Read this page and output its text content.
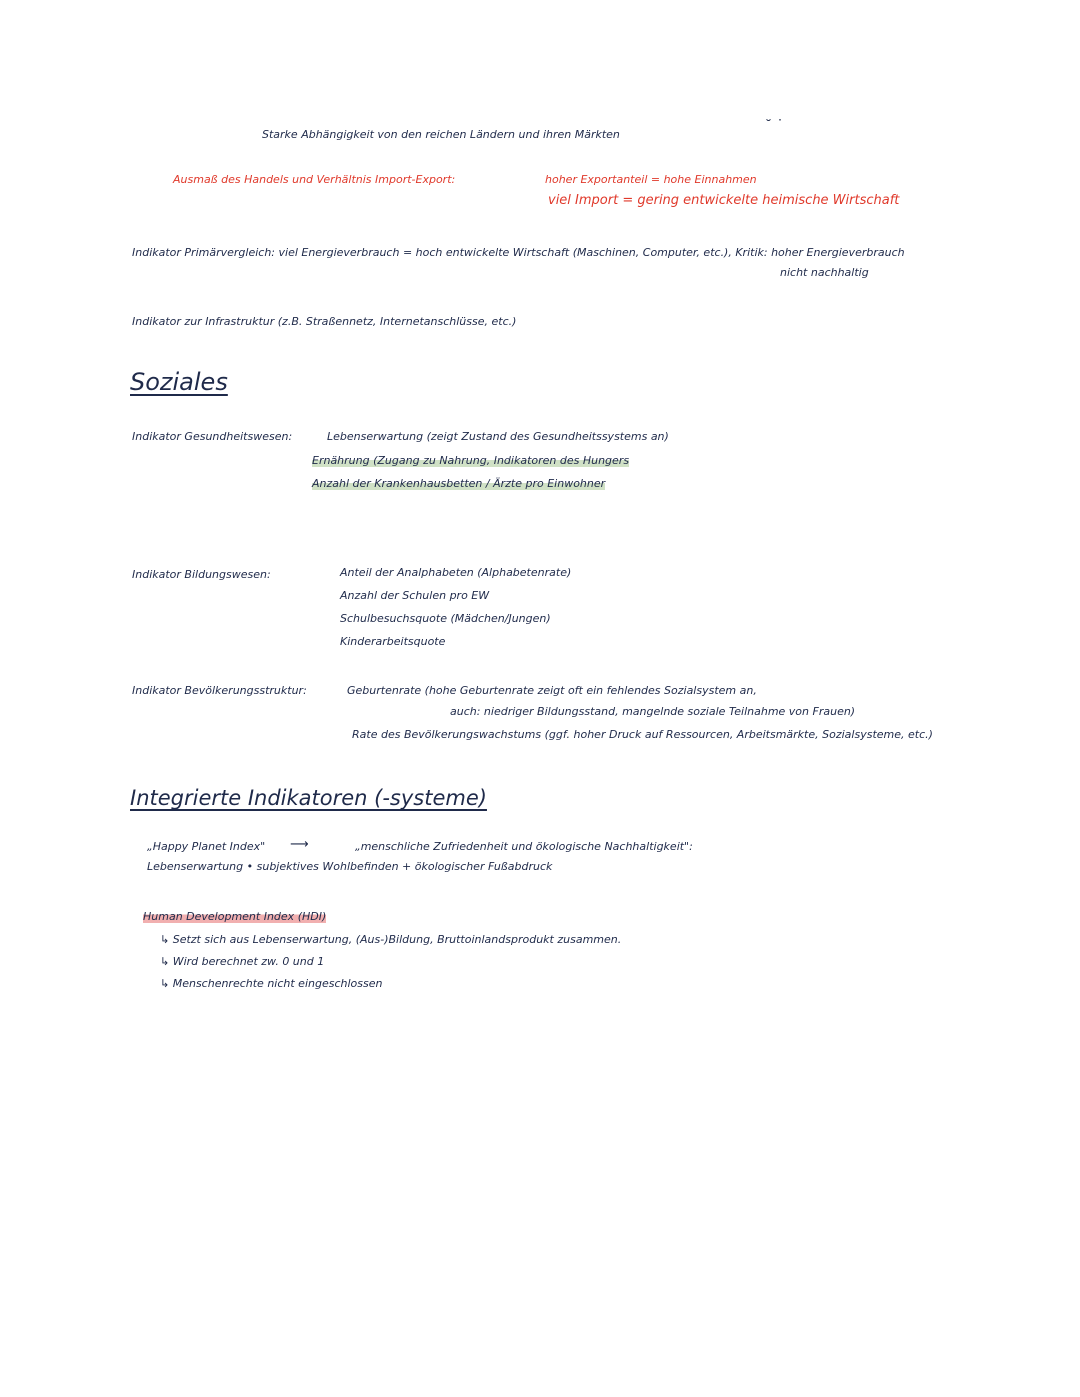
˘ ˙
Starke Abhängigkeit von den reichen Ländern und ihren Märkten
Ausmaß des Handels und Verhältnis Import-Export:	hoher Exportanteil = hohe Einnahmen
viel Import = gering entwickelte heimische Wirtschaft
Indikator Primärvergleich: viel Energieverbrauch = hoch entwickelte Wirtschaft (Maschinen, Computer, etc.), Kritik: hoher Energieverbrauch
nicht nachhaltig
Indikator zur Infrastruktur (z.B. Straßennetz, Internetanschlüsse, etc.)
Soziales
Indikator Gesundheitswesen:	Lebenserwartung (zeigt Zustand des Gesundheitssystems an)
Ernährung (Zugang zu Nahrung, Indikatoren des Hungers
Anzahl der Krankenhausbetten / Ärzte pro Einwohner
Indikator Bildungswesen:	Anteil der Analphabeten (Alphabetenrate)
Anzahl der Schulen pro EW
Schulbesuchsquote (Mädchen/Jungen)
Kinderarbeitsquote
Indikator Bevölkerungsstruktur:	Geburtenrate (hohe Geburtenrate zeigt oft ein fehlendes Sozialsystem an,
auch: niedriger Bildungsstand, mangelnde soziale Teilnahme von Frauen)
Rate des Bevölkerungswachstums (ggf. hoher Druck auf Ressourcen, Arbeitsmärkte, Sozialsysteme, etc.)
Integrierte Indikatoren (-systeme)
„Happy Planet Index" ⟶	„menschliche Zufriedenheit und ökologische Nachhaltigkeit":
Lebenserwartung • subjektives Wohlbefinden + ökologischer Fußabdruck
Human Development Index (HDI)
↳ Setzt sich aus Lebenserwartung, (Aus-)Bildung, Bruttoinlandsprodukt zusammen.
↳ Wird berechnet zw. 0 und 1
↳ Menschenrechte nicht eingeschlossen
